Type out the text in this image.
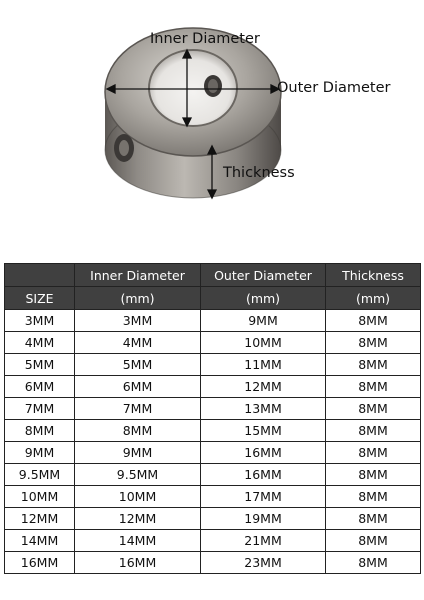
Inner Diameter
Outer Diameter
Thickness
	Inner Diameter	Outer Diameter	Thickness
SIZE	(mm)	(mm)	(mm)
3MM	3MM	9MM	8MM
4MM	4MM	10MM	8MM
5MM	5MM	11MM	8MM
6MM	6MM	12MM	8MM
7MM	7MM	13MM	8MM
8MM	8MM	15MM	8MM
9MM	9MM	16MM	8MM
9.5MM	9.5MM	16MM	8MM
10MM	10MM	17MM	8MM
12MM	12MM	19MM	8MM
14MM	14MM	21MM	8MM
16MM	16MM	23MM	8MM
